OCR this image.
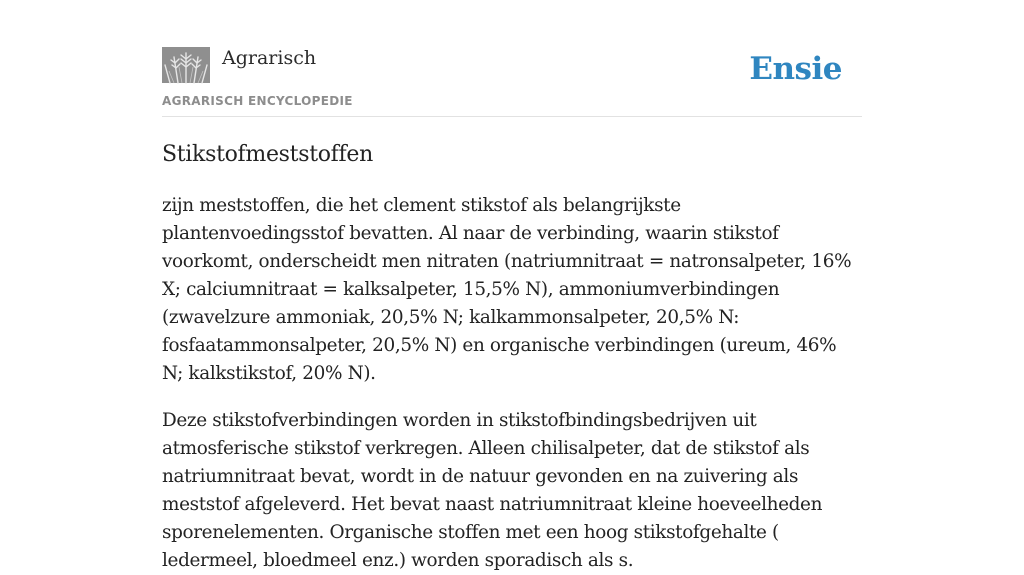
Agrarisch
AGRARISCH ENCYCLOPEDIE
Ensie
Stikstofmeststoffen

zijn meststoffen, die het clement stikstof als belangrijkste plantenvoedingsstof bevatten. Al naar de verbinding, waarin stikstof voorkomt, onderscheidt men nitraten (natriumnitraat = natronsalpeter, 16% X; calciumnitraat = kalksalpeter, 15,5% N), ammoniumverbindingen (zwavelzure ammoniak, 20,5% N; kalkammonsalpeter, 20,5% N: fosfaatammonsalpeter, 20,5% N) en organische verbindingen (ureum, 46% N; kalkstikstof, 20% N).

Deze stikstofverbindingen worden in stikstofbindingsbedrijven uit atmosferische stikstof verkregen. Alleen chilisalpeter, dat de stikstof als natriumnitraat bevat, wordt in de natuur gevonden en na zuivering als meststof afgeleverd. Het bevat naast natriumnitraat kleine hoeveelheden sporenelementen. Organische stoffen met een hoog stikstofgehalte ( ledermeel, bloedmeel enz.) worden sporadisch als s.
